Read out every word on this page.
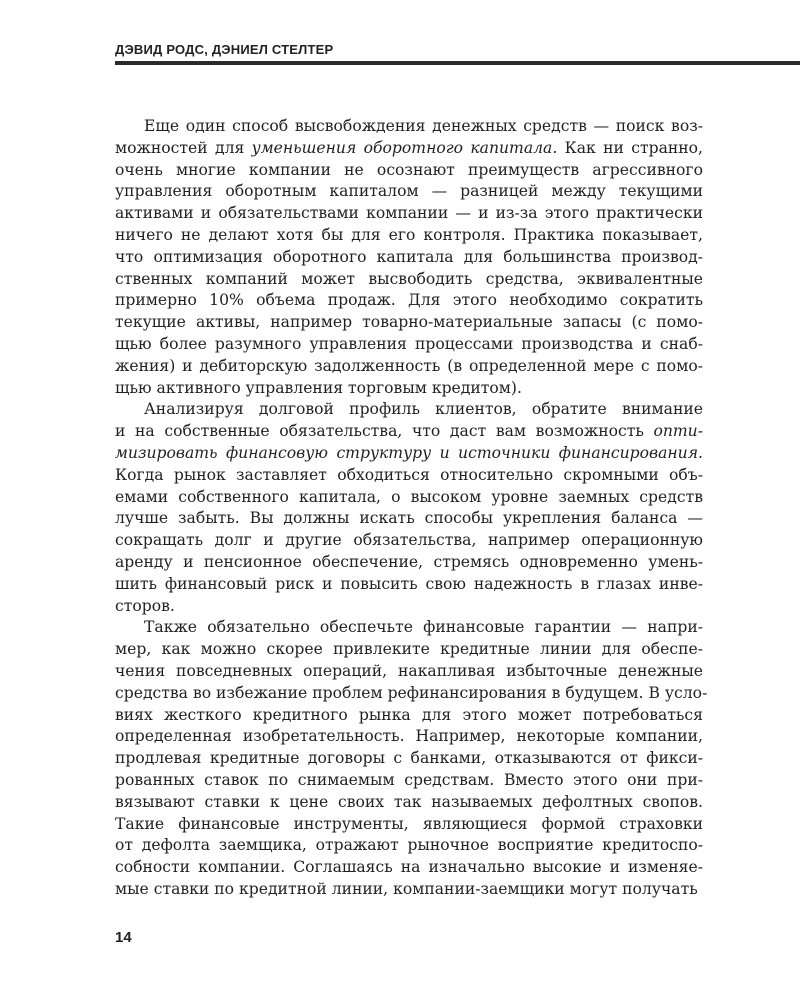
ДЭВИД РОДС, ДЭНИЕЛ СТЕЛТЕР
Еще один способ высвобождения денежных средств — поиск воз-
можностей для уменьшения оборотного капитала. Как ни странно,
очень многие компании не осознают преимуществ агрессивного
управления оборотным капиталом — разницей между текущими
активами и обязательствами компании — и из-за этого практически
ничего не делают хотя бы для его контроля. Практика показывает,
что оптимизация оборотного капитала для большинства производ-
ственных компаний может высвободить средства, эквивалентные
примерно 10% объема продаж. Для этого необходимо сократить
текущие активы, например товарно-материальные запасы (с помо-
щью более разумного управления процессами производства и снаб-
жения) и дебиторскую задолженность (в определенной мере с помо-
щью активного управления торговым кредитом).
Анализируя долговой профиль клиентов, обратите внимание
и на собственные обязательства, что даст вам возможность опти-
мизировать финансовую структуру и источники финансирования.
Когда рынок заставляет обходиться относительно скромными объ-
емами собственного капитала, о высоком уровне заемных средств
лучше забыть. Вы должны искать способы укрепления баланса —
сокращать долг и другие обязательства, например операционную
аренду и пенсионное обеспечение, стремясь одновременно умень-
шить финансовый риск и повысить свою надежность в глазах инве-
сторов.
Также обязательно обеспечьте финансовые гарантии — напри-
мер, как можно скорее привлеките кредитные линии для обеспе-
чения повседневных операций, накапливая избыточные денежные
средства во избежание проблем рефинансирования в будущем. В усло-
виях жесткого кредитного рынка для этого может потребоваться
определенная изобретательность. Например, некоторые компании,
продлевая кредитные договоры с банками, отказываются от фикси-
рованных ставок по снимаемым средствам. Вместо этого они при-
вязывают ставки к цене своих так называемых дефолтных свопов.
Такие финансовые инструменты, являющиеся формой страховки
от дефолта заемщика, отражают рыночное восприятие кредитоспо-
собности компании. Соглашаясь на изначально высокие и изменяе-
мые ставки по кредитной линии, компании-заемщики могут получать
14
